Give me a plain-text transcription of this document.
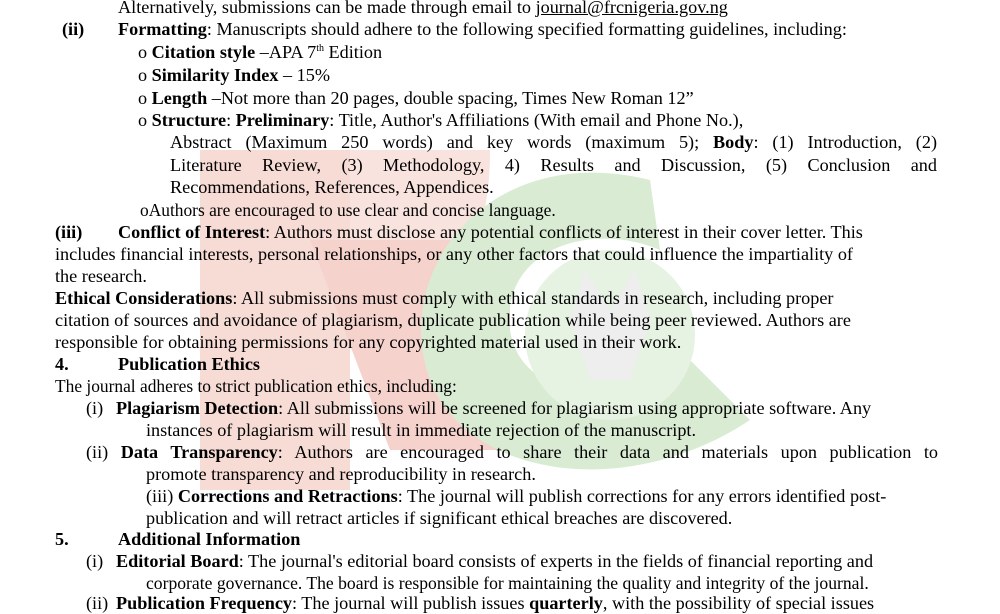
Alternatively, submissions can be made through email to journal@frcnigeria.gov.ng
(ii) Formatting: Manuscripts should adhere to the following specified formatting guidelines, including:
o Citation style –APA 7th Edition
o Similarity Index – 15%
o Length –Not more than 20 pages, double spacing, Times New Roman 12”
o Structure: Preliminary: Title, Author's Affiliations (With email and Phone No.),
Abstract (Maximum 250 words) and key words (maximum 5); Body: (1) Introduction, (2)
Literature Review, (3) Methodology, 4) Results and Discussion, (5) Conclusion and
Recommendations, References, Appendices.
oAuthors are encouraged to use clear and concise language.
(iii) Conflict of Interest: Authors must disclose any potential conflicts of interest in their cover letter. This
includes financial interests, personal relationships, or any other factors that could influence the impartiality of
the research.
Ethical Considerations: All submissions must comply with ethical standards in research, including proper
citation of sources and avoidance of plagiarism, duplicate publication while being peer reviewed. Authors are
responsible for obtaining permissions for any copyrighted material used in their work.
4.	Publication Ethics
The journal adheres to strict publication ethics, including:
(i) Plagiarism Detection: All submissions will be screened for plagiarism using appropriate software. Any
instances of plagiarism will result in immediate rejection of the manuscript.
(ii) Data Transparency: Authors are encouraged to share their data and materials upon publication to
promote transparency and reproducibility in research.
(iii) Corrections and Retractions: The journal will publish corrections for any errors identified post-
publication and will retract articles if significant ethical breaches are discovered.
5.	Additional Information
(i) Editorial Board: The journal's editorial board consists of experts in the fields of financial reporting and
corporate governance. The board is responsible for maintaining the quality and integrity of the journal.
(ii) Publication Frequency: The journal will publish issues quarterly, with the possibility of special issues
